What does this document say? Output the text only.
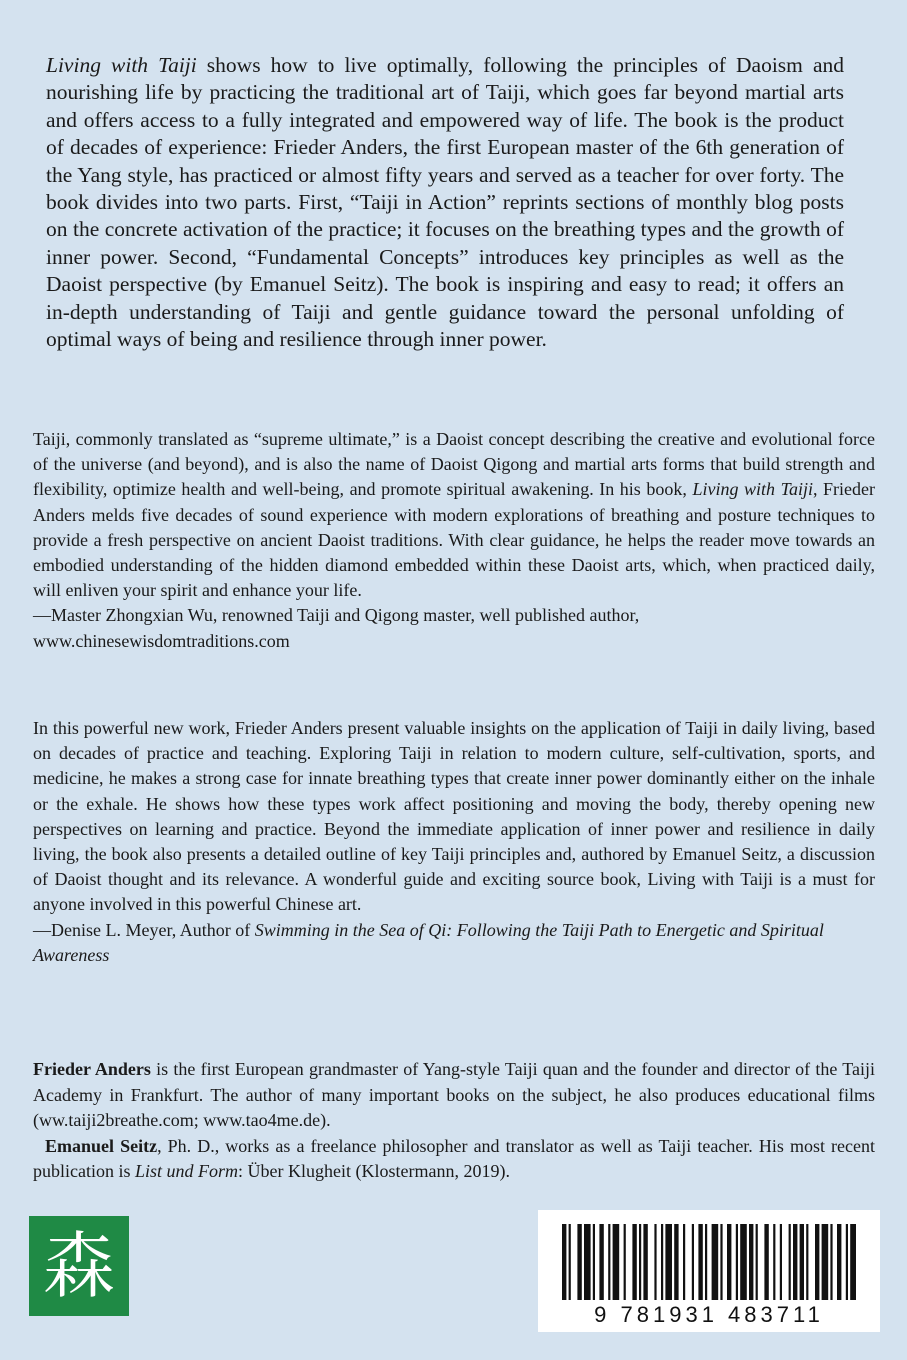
Living with Taiji shows how to live optimally, following the principles of Daoism and nourishing life by practicing the traditional art of Taiji, which goes far beyond martial arts and offers access to a fully integrated and empowered way of life. The book is the product of decades of experience: Frieder Anders, the first European master of the 6th generation of the Yang style, has practiced or almost fifty years and served as a teacher for over forty. The book divides into two parts. First, “Taiji in Action” reprints sections of monthly blog posts on the concrete activation of the practice; it focuses on the breathing types and the growth of inner power. Second, “Fundamental Concepts” introduces key principles as well as the Daoist perspective (by Emanuel Seitz). The book is inspiring and easy to read; it offers an in-depth understanding of Taiji and gentle guidance toward the personal unfolding of optimal ways of being and resilience through inner power.
Taiji, commonly translated as “supreme ultimate,” is a Daoist concept describing the creative and evolutional force of the universe (and beyond), and is also the name of Daoist Qigong and martial arts forms that build strength and flexibility, optimize health and well-being, and promote spiritual awakening. In his book, Living with Taiji, Frieder Anders melds five decades of sound experience with modern explorations of breathing and posture techniques to provide a fresh perspective on ancient Daoist traditions. With clear guidance, he helps the reader move towards an embodied understanding of the hidden diamond embedded within these Daoist arts, which, when practiced daily, will enliven your spirit and enhance your life.
—Master Zhongxian Wu, renowned Taiji and Qigong master, well published author, www.chinesewisdomtraditions.com
In this powerful new work, Frieder Anders present valuable insights on the application of Taiji in daily living, based on decades of practice and teaching. Exploring Taiji in relation to modern culture, self-cultivation, sports, and medicine, he makes a strong case for innate breathing types that create inner power dominantly either on the inhale or the exhale. He shows how these types work affect positioning and moving the body, thereby opening new perspectives on learning and practice. Beyond the immediate application of inner power and resilience in daily living, the book also presents a detailed outline of key Taiji principles and, authored by Emanuel Seitz, a discussion of Daoist thought and its relevance. A wonderful guide and exciting source book, Living with Taiji is a must for anyone involved in this powerful Chinese art.
—Denise L. Meyer, Author of Swimming in the Sea of Qi: Following the Taiji Path to Energetic and Spiritual Awareness

Frieder Anders is the first European grandmaster of Yang-style Taiji quan and the founder and director of the Taiji Academy in Frankfurt. The author of many important books on the subject, he also produces educational films (ww.taiji2breathe.com; www.tao4me.de).

Emanuel Seitz, Ph. D., works as a freelance philosopher and translator as well as Taiji teacher. His most recent publication is List und Form: Über Klugheit (Klostermann, 2019).

森
9 781931 483711
